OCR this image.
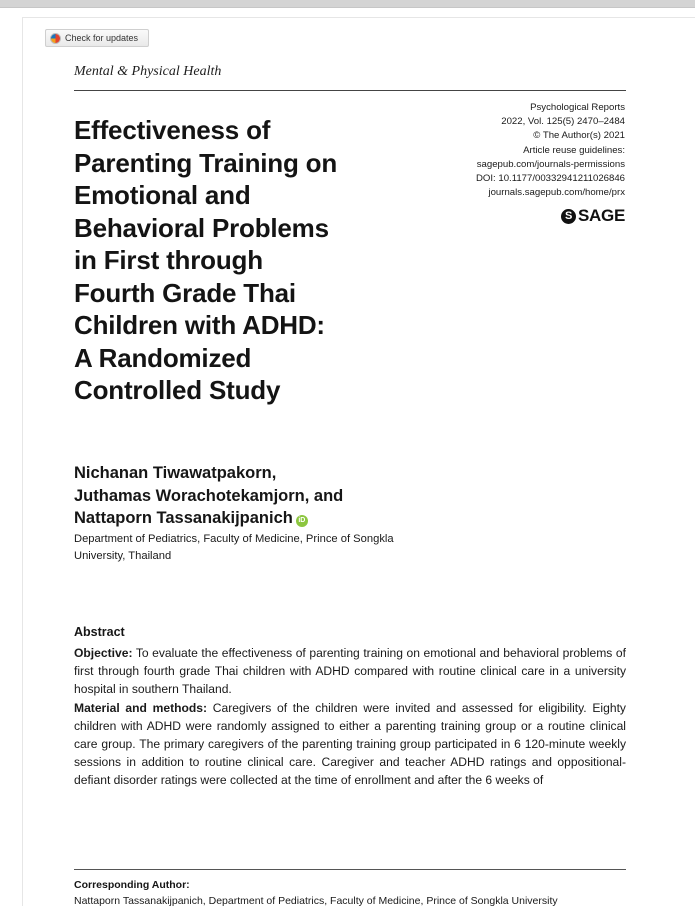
Check for updates
Mental & Physical Health
Psychological Reports
2022, Vol. 125(5) 2470–2484
© The Author(s) 2021
Article reuse guidelines:
sagepub.com/journals-permissions
DOI: 10.1177/00332941211026846
journals.sagepub.com/home/prx
S SAGE
Effectiveness of
Parenting Training on
Emotional and
Behavioral Problems
in First through
Fourth Grade Thai
Children with ADHD:
A Randomized
Controlled Study
Nichanan Tiwawatpakorn,
Juthamas Worachotekamjorn, and
Nattaporn Tassanakijpanich iD
Department of Pediatrics, Faculty of Medicine, Prince of Songkla University, Thailand
Abstract

Objective: To evaluate the effectiveness of parenting training on emotional and behavioral problems of first through fourth grade Thai children with ADHD compared with routine clinical care in a university hospital in southern Thailand.

Material and methods: Caregivers of the children were invited and assessed for eligibility. Eighty children with ADHD were randomly assigned to either a parenting training group or a routine clinical care group. The primary caregivers of the parenting training group participated in 6 120-minute weekly sessions in addition to routine clinical care. Caregiver and teacher ADHD ratings and oppositional-defiant disorder ratings were collected at the time of enrollment and after the 6 weeks of

Corresponding Author:
Nattaporn Tassanakijpanich, Department of Pediatrics, Faculty of Medicine, Prince of Songkla University
